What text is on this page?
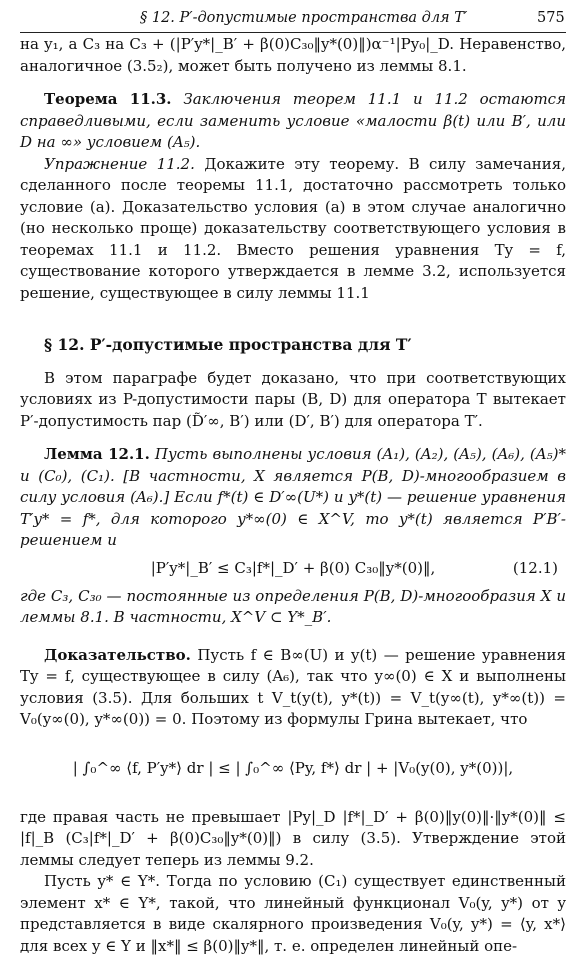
§ 12. P′-допустимые пространства для T′	575

на y₁, а C₃ на C₃ + (|P′y*|_B′ + β(0)C₃₀‖y*(0)‖)α⁻¹|Py₀|_D. Неравенство, аналогичное (3.5₂), может быть получено из леммы 8.1.

Теорема 11.3. Заключения теорем 11.1 и 11.2 остаются справедливыми, если заменить условие «малости β(t) или B′, или D на ∞» условием (A₅).

Упражнение 11.2. Докажите эту теорему. В силу замечания, сделанного после теоремы 11.1, достаточно рассмотреть только условие (a). Доказательство условия (a) в этом случае аналогично (но несколько проще) доказательству соответствующего условия в теоремах 11.1 и 11.2. Вместо решения уравнения Ty = f, существование которого утверждается в лемме 3.2, используется решение, существующее в силу леммы 11.1

§ 12. P′-допустимые пространства для T′

В этом параграфе будет доказано, что при соответствующих условиях из P-допустимости пары (B, D) для оператора T вытекает P′-допустимость пар (D̃′∞, B′) или (D′, B′) для оператора T′.

Лемма 12.1. Пусть выполнены условия (A₁), (A₂), (A₅), (A₆), (A₅)* и (C₀), (C₁). [В частности, X является P(B, D)-многообразием в силу условия (A₆).] Если f*(t) ∈ D′∞(U*) и y*(t) — решение уравнения T′y* = f*, для которого y*∞(0) ∈ X^V, то y*(t) является P′B′-решением и

|P′y*|_B′ ≤ C₃|f*|_D′ + β(0) C₃₀‖y*(0)‖,	(12.1)

где C₃, C₃₀ — постоянные из определения P(B, D)-многообразия X и леммы 8.1. В частности, X^V ⊂ Y*_B′.

Доказательство. Пусть f ∈ B∞(U) и y(t) — решение уравнения Ty = f, существующее в силу (A₆), так что y∞(0) ∈ X и выполнены условия (3.5). Для больших t V_t(y(t), y*(t)) = V_t(y∞(t), y*∞(t)) = V₀(y∞(0), y*∞(0)) = 0. Поэтому из формулы Грина вытекает, что

| ∫₀^∞ ⟨f, P′y*⟩ dr | ≤ | ∫₀^∞ ⟨Py, f*⟩ dr | + |V₀(y(0), y*(0))|,

где правая часть не превышает |Py|_D |f*|_D′ + β(0)‖y(0)‖·‖y*(0)‖ ≤ |f|_B (C₃|f*|_D′ + β(0)C₃₀‖y*(0)‖) в силу (3.5). Утверждение этой леммы следует теперь из леммы 9.2.

Пусть y* ∈ Y*. Тогда по условию (C₁) существует единственный элемент x* ∈ Y*, такой, что линейный функционал V₀(y, y*) от y представляется в виде скалярного произведения V₀(y, y*) = ⟨y, x*⟩ для всех y ∈ Y и ‖x*‖ ≤ β(0)‖y*‖, т. е. определен линейный опе-
